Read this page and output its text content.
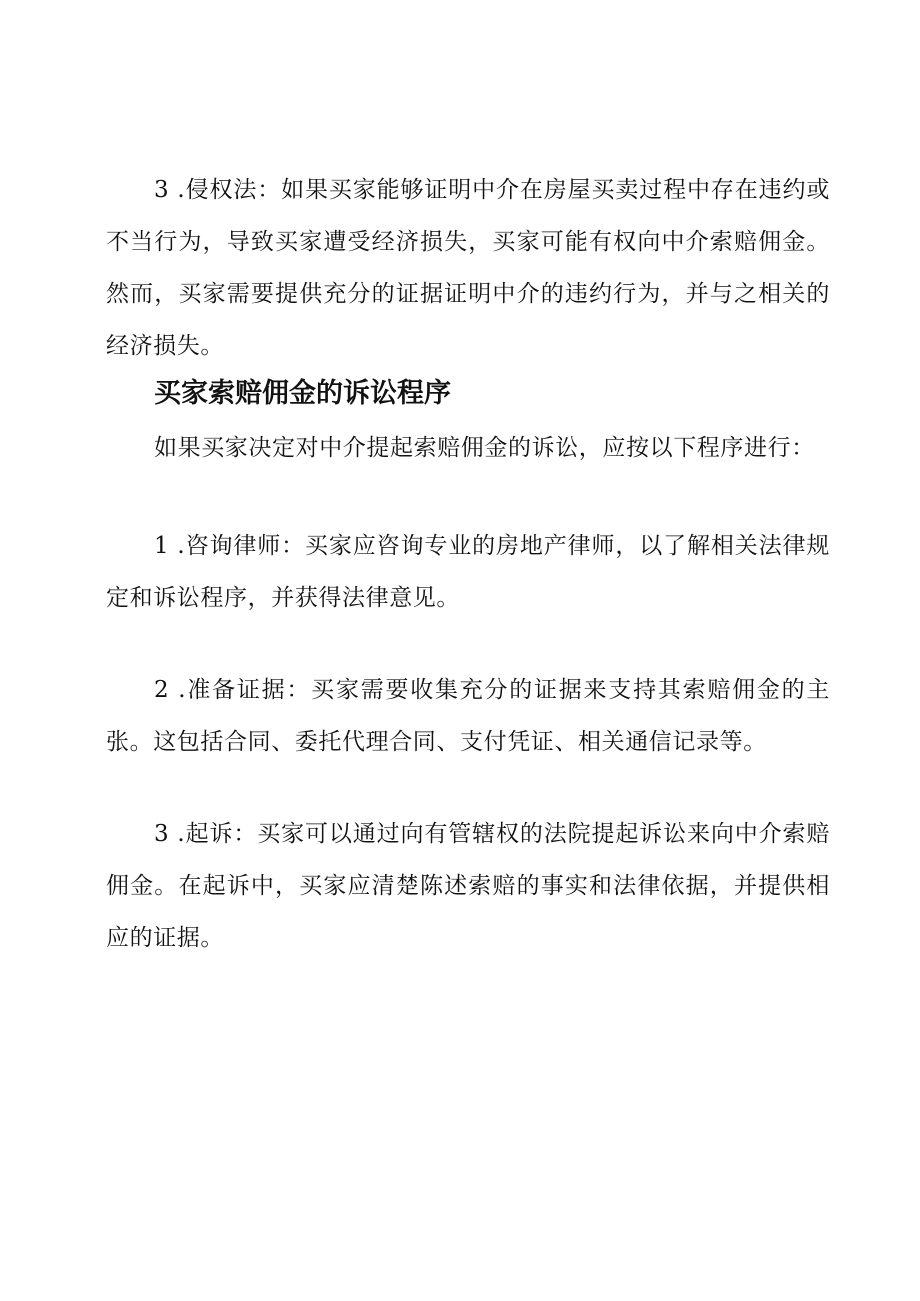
3 .侵权法：如果买家能够证明中介在房屋买卖过程中存在违约或不当行为，导致买家遭受经济损失，买家可能有权向中介索赔佣金。然而，买家需要提供充分的证据证明中介的违约行为，并与之相关的经济损失。

买家索赔佣金的诉讼程序

如果买家决定对中介提起索赔佣金的诉讼，应按以下程序进行：

1 .咨询律师：买家应咨询专业的房地产律师，以了解相关法律规定和诉讼程序，并获得法律意见。

2 .准备证据：买家需要收集充分的证据来支持其索赔佣金的主张。这包括合同、委托代理合同、支付凭证、相关通信记录等。

3 .起诉：买家可以通过向有管辖权的法院提起诉讼来向中介索赔佣金。在起诉中，买家应清楚陈述索赔的事实和法律依据，并提供相应的证据。
